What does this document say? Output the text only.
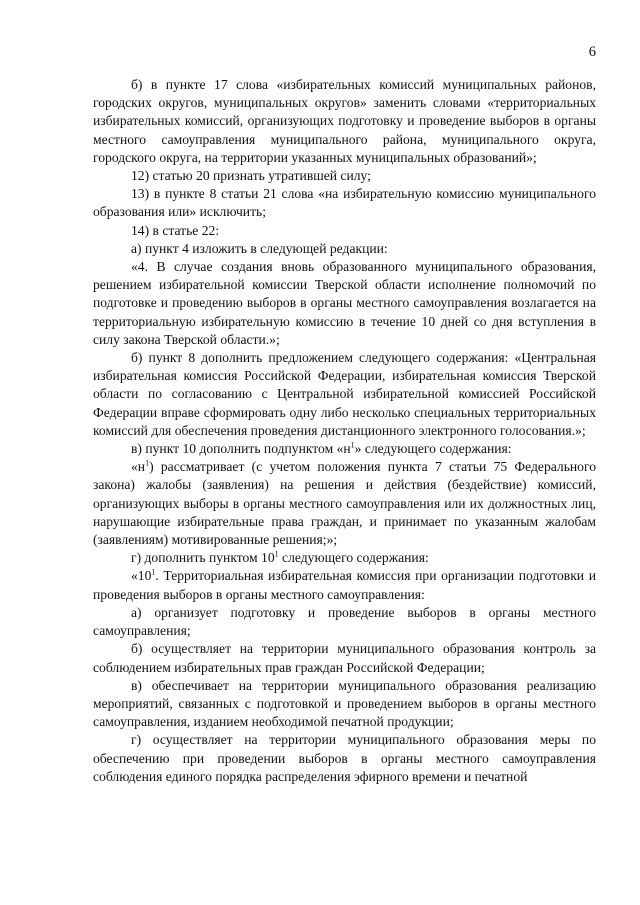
6

б) в пункте 17 слова «избирательных комиссий муниципальных районов, городских округов, муниципальных округов» заменить словами «территориальных избирательных комиссий, организующих подготовку и проведение выборов в органы местного самоуправления муниципального района, муниципального округа, городского округа, на территории указанных муниципальных образований»;

12) статью 20 признать утратившей силу;

13) в пункте 8 статьи 21 слова «на избирательную комиссию муниципального образования или» исключить;

14) в статье 22:

а) пункт 4 изложить в следующей редакции:

«4. В случае создания вновь образованного муниципального образования, решением избирательной комиссии Тверской области исполнение полномочий по подготовке и проведению выборов в органы местного самоуправления возлагается на территориальную избирательную комиссию в течение 10 дней со дня вступления в силу закона Тверской области.»;

б) пункт 8 дополнить предложением следующего содержания: «Центральная избирательная комиссия Российской Федерации, избирательная комиссия Тверской области по согласованию с Центральной избирательной комиссией Российской Федерации вправе сформировать одну либо несколько специальных территориальных комиссий для обеспечения проведения дистанционного электронного голосования.»;

в) пункт 10 дополнить подпунктом «$н^1$» следующего содержания:

«$н^1$) рассматривает (с учетом положения пункта 7 статьи 75 Федерального закона) жалобы (заявления) на решения и действия (бездействие) комиссий, организующих выборы в органы местного самоуправления или их должностных лиц, нарушающие избирательные права граждан, и принимает по указанным жалобам (заявлениям) мотивированные решения;»;

г) дополнить пунктом $10^1$ следующего содержания:

«$10^1$. Территориальная избирательная комиссия при организации подготовки и проведения выборов в органы местного самоуправления:

а) организует подготовку и проведение выборов в органы местного самоуправления;

б) осуществляет на территории муниципального образования контроль за соблюдением избирательных прав граждан Российской Федерации;

в) обеспечивает на территории муниципального образования реализацию мероприятий, связанных с подготовкой и проведением выборов в органы местного самоуправления, изданием необходимой печатной продукции;

г) осуществляет на территории муниципального образования меры по обеспечению при проведении выборов в органы местного самоуправления соблюдения единого порядка распределения эфирного времени и печатной
